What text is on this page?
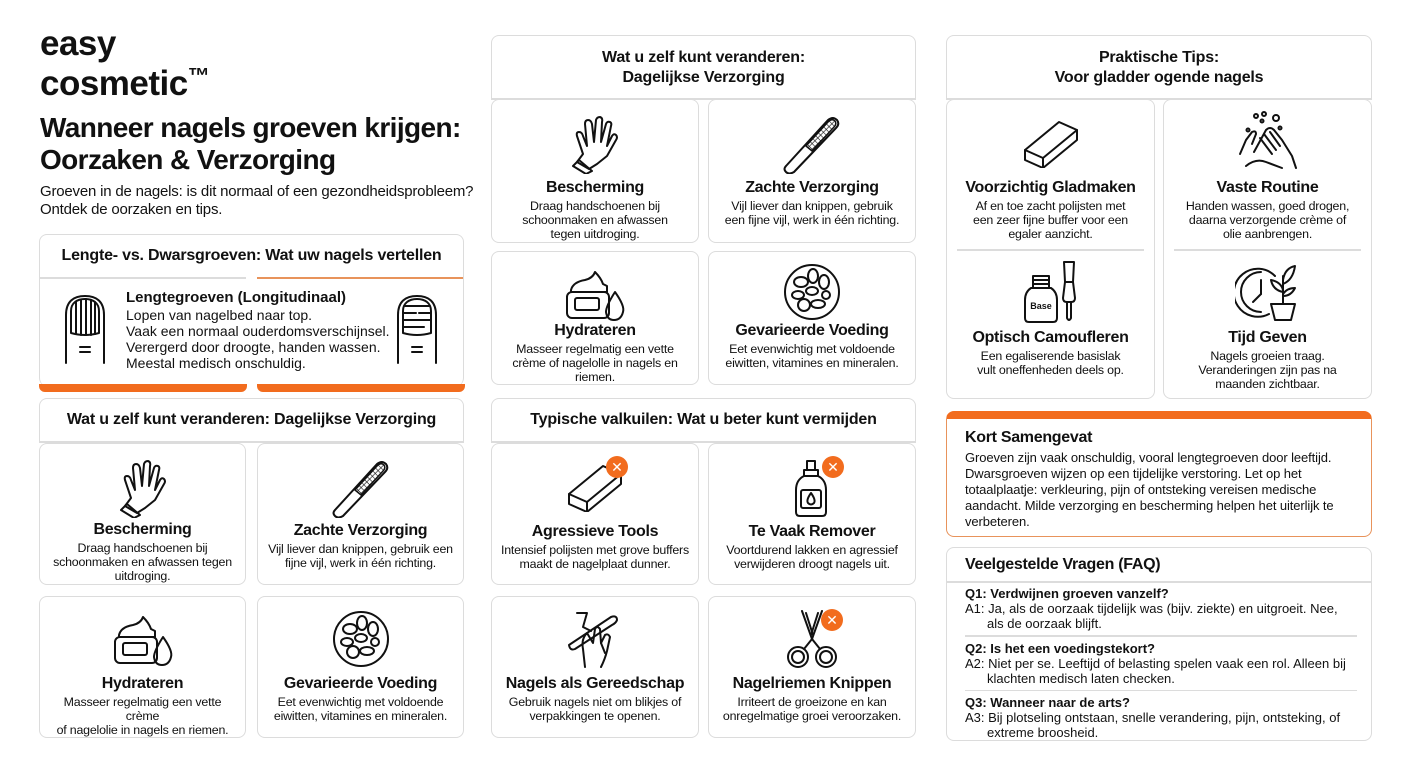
easy
cosmetic™
Wanneer nagels groeven krijgen:
Oorzaken & Verzorging
Groeven in de nagels: is dit normaal of een gezondheidsprobleem?
Ontdek de oorzaken en tips.
Lengte- vs. Dwarsgroeven: Wat uw nagels vertellen
Lengtegroeven (Longitudinaal)
Lopen van nagelbed naar top.
Vaak een normaal ouderdomsverschijnsel.
Verergerd door droogte, handen wassen.
Meestal medisch onschuldig.
Wat u zelf kunt veranderen: Dagelijkse Verzorging
Bescherming

Draag handschoenen bij
schoonmaken en afwassen tegen
uitdroging.

Zachte Verzorging

Vijl liever dan knippen, gebruik een
fijne vijl, werk in één richting.

Hydrateren

Masseer regelmatig een vette crème
of nagelolie in nagels en riemen.

Gevarieerde Voeding

Eet evenwichtig met voldoende
eiwitten, vitamines en mineralen.

Wat u zelf kunt veranderen:
Dagelijkse Verzorging
Bescherming

Draag handschoenen bij
schoonmaken en afwassen
tegen uitdroging.

Zachte Verzorging

Vijl liever dan knippen, gebruik
een fijne vijl, werk in één richting.

Hydrateren

Masseer regelmatig een vette
crème of nagelolle in nagels en
riemen.

Gevarieerde Voeding

Eet evenwichtig met voldoende
eiwitten, vitamines en mineralen.

Typische valkuilen: Wat u beter kunt vermijden
✕
Agressieve Tools

Intensief polijsten met grove buffers
maakt de nagelplaat dunner.

✕
Te Vaak Remover

Voortdurend lakken en agressief
verwijderen droogt nagels uit.

Nagels als Gereedschap

Gebruik nagels niet om blikjes of
verpakkingen te openen.

✕
Nagelriemen Knippen

Irriteert de groeizone en kan
onregelmatige groei veroorzaken.

Praktische Tips:
Voor gladder ogende nagels
Voorzichtig Gladmaken

Af en toe zacht polijsten met
een zeer fijne buffer voor een
egaler aanzicht.

Base
Optisch Camoufleren

Een egaliserende basislak
vult oneffenheden deels op.

Vaste Routine

Handen wassen, goed drogen,
daarna verzorgende crème of
olie aanbrengen.

Tijd Geven

Nagels groeien traag.
Veranderingen zijn pas na
maanden zichtbaar.

Kort Samengevat
Groeven zijn vaak onschuldig, vooral lengtegroeven door leeftijd. Dwarsgroeven wijzen op een tijdelijke verstoring. Let op het totaalplaatje: verkleuring, pijn of ontsteking vereisen medische aandacht. Milde verzorging en bescherming helpen het uiterlijk te verbeteren.
Veelgestelde Vragen (FAQ)
Q1: Verdwijnen groeven vanzelf?
A1: Ja, als de oorzaak tijdelijk was (bijv. ziekte) en uitgroeit. Nee, als de oorzaak blijft.
Q2: Is het een voedingstekort?
A2: Niet per se. Leeftijd of belasting spelen vaak een rol. Alleen bij klachten medisch laten checken.
Q3: Wanneer naar de arts?
A3: Bij plotseling ontstaan, snelle verandering, pijn, ontsteking, of extreme broosheid.
